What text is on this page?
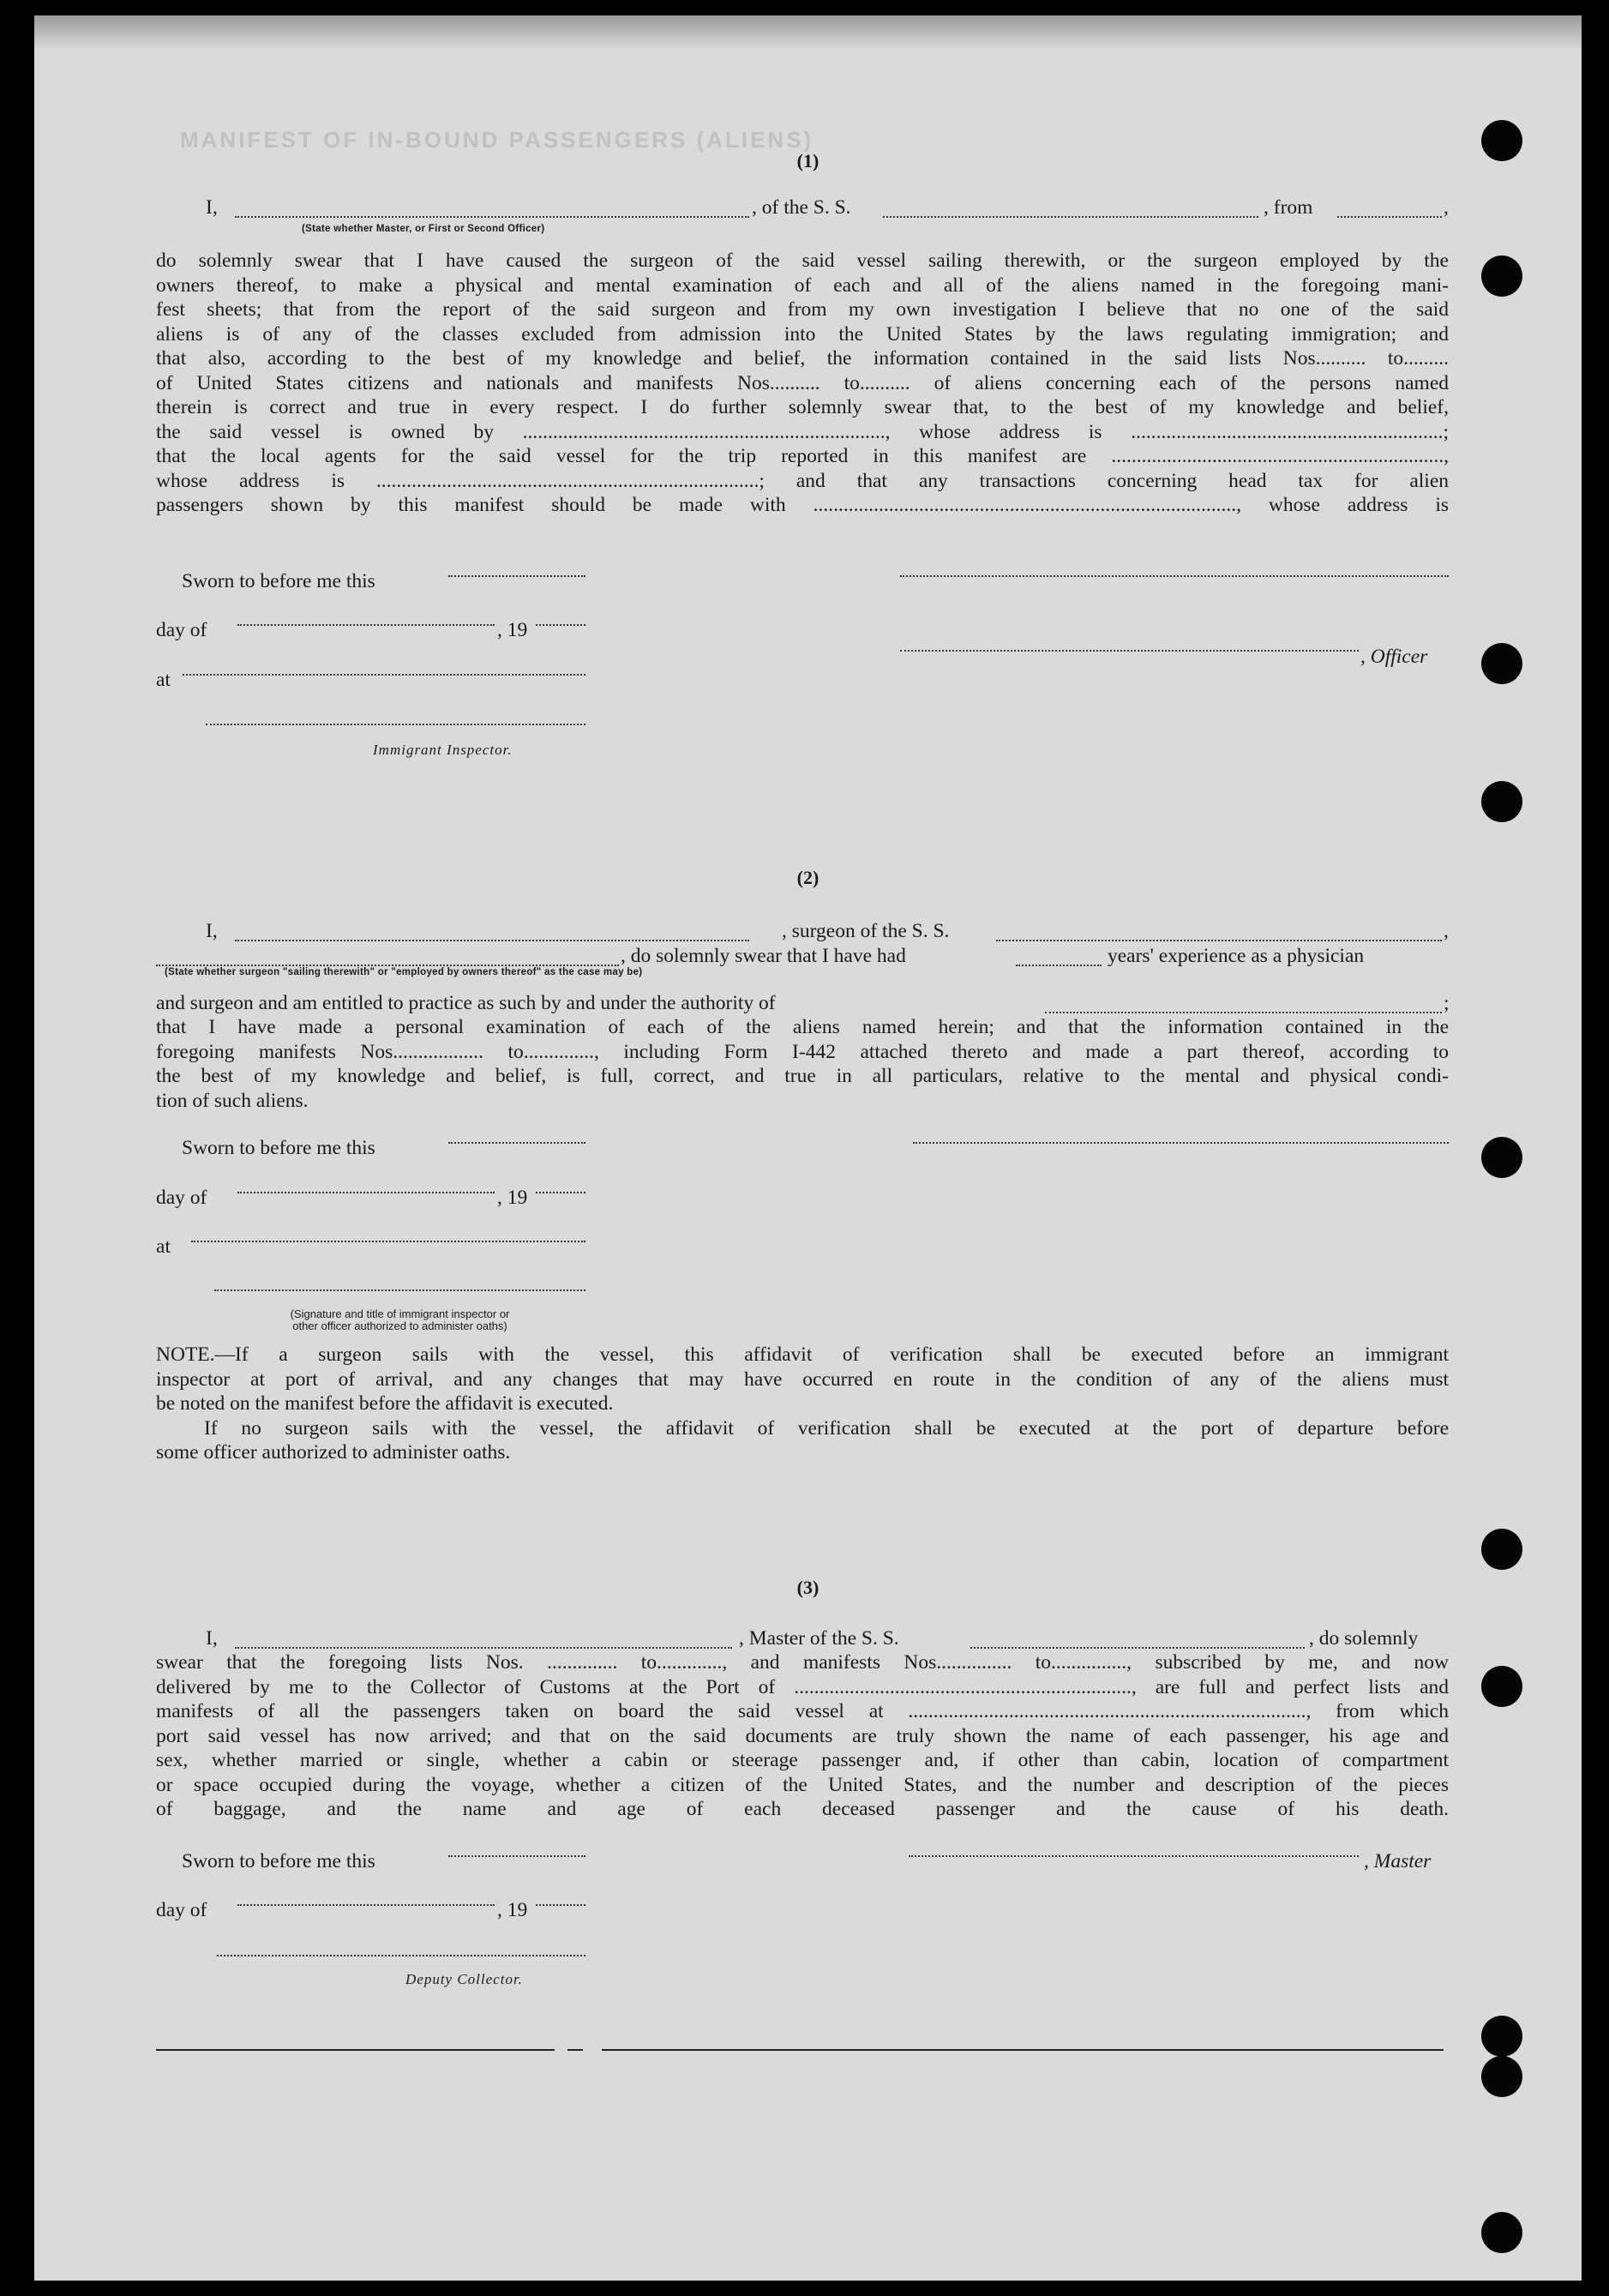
MANIFEST OF IN-BOUND PASSENGERS (ALIENS)
(1)
I,	, of the S. S.	, from	,
(State whether Master, or First or Second Officer)
do solemnly swear that I have caused the surgeon of the said vessel sailing therewith, or the surgeon employed by the
owners thereof, to make a physical and mental examination of each and all of the aliens named in the foregoing mani-
fest sheets; that from the report of the said surgeon and from my own investigation I believe that no one of the said
aliens is of any of the classes excluded from admission into the United States by the laws regulating immigration; and
that also, according to the best of my knowledge and belief, the information contained in the said lists Nos.......... to.........
of United States citizens and nationals and manifests Nos.......... to.......... of aliens concerning each of the persons named
therein is correct and true in every respect. I do further solemnly swear that, to the best of my knowledge and belief,
the said vessel is owned by ........................................................................, whose address is ..............................................................;
that the local agents for the said vessel for the trip reported in this manifest are ..................................................................,
whose address is ............................................................................; and that any transactions concerning head tax for alien
passengers shown by this manifest should be made with ...................................................................................., whose address is
Sworn to before me this
day of	, 19
, Officer
at
Immigrant Inspector.
(2)
I,	, surgeon of the S. S.	,
, do solemnly swear that I have had	years' experience as a physician
(State whether surgeon "sailing therewith" or "employed by owners thereof" as the case may be)
and surgeon and am entitled to practice as such by and under the authority of	;
that I have made a personal examination of each of the aliens named herein; and that the information contained in the
foregoing manifests Nos.................. to.............., including Form I-442 attached thereto and made a part thereof, according to
the best of my knowledge and belief, is full, correct, and true in all particulars, relative to the mental and physical condi-
tion of such aliens.
Sworn to before me this
day of	, 19
at
(Signature and title of immigrant inspector or
other officer authorized to administer oaths)
NOTE.—If a surgeon sails with the vessel, this affidavit of verification shall be executed before an immigrant
inspector at port of arrival, and any changes that may have occurred en route in the condition of any of the aliens must
be noted on the manifest before the affidavit is executed.
If no surgeon sails with the vessel, the affidavit of verification shall be executed at the port of departure before
some officer authorized to administer oaths.
(3)
I,	, Master of the S. S.	, do solemnly
swear that the foregoing lists Nos. .............. to............., and manifests Nos............... to..............., subscribed by me, and now
delivered by me to the Collector of Customs at the Port of ..................................................................., are full and perfect lists and
manifests of all the passengers taken on board the said vessel at ..............................................................................., from which
port said vessel has now arrived; and that on the said documents are truly shown the name of each passenger, his age and
sex, whether married or single, whether a cabin or steerage passenger and, if other than cabin, location of compartment
or space occupied during the voyage, whether a citizen of the United States, and the number and description of the pieces
of baggage, and the name and age of each deceased passenger and the cause of his death.
Sworn to before me this	, Master
day of	, 19
Deputy Collector.
